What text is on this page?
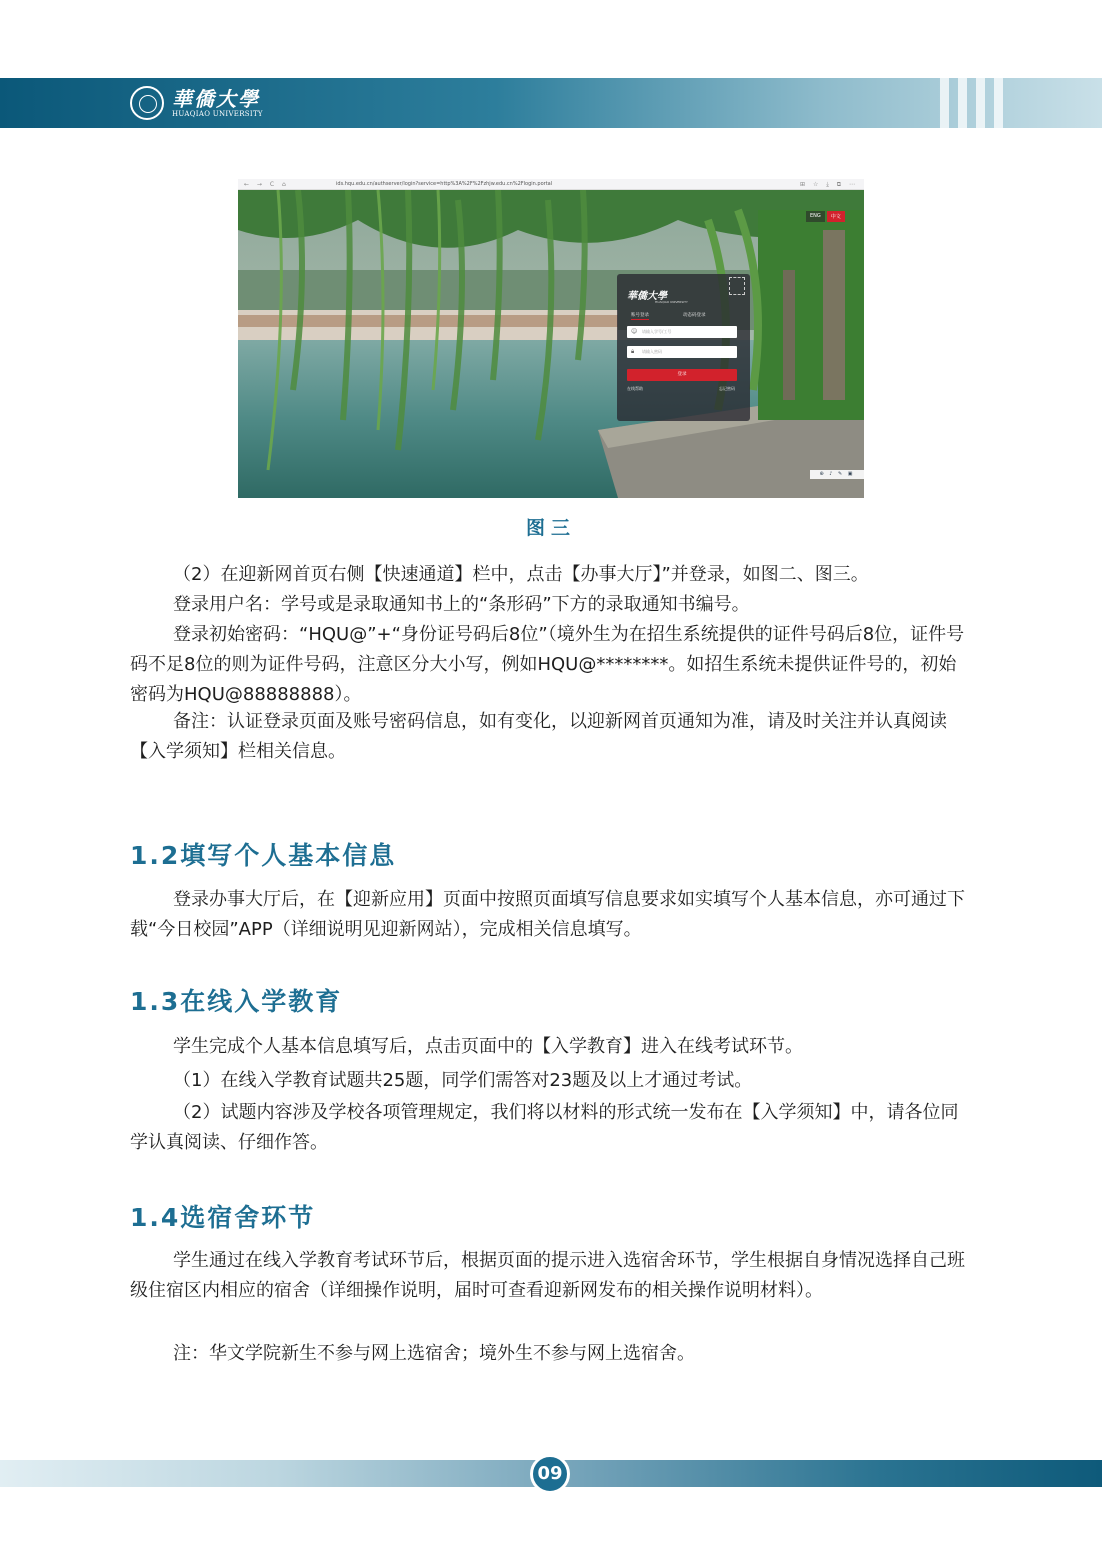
華僑大學
HUAQIAO UNIVERSITY
← → C ⌂	ids.hqu.edu.cn/authserver/login?service=http%3A%2F%2Fzhjw.edu.cn%2Flogin.portal	⊞ ☆ ⤓ ⧉ ⋯
ENG	中文
華僑大學
HUAQIAO UNIVERSITY
账号登录	动态码登录
☺ 请输入学号/工号
🔒︎ 请输入密码
登录
在线帮助	忘记密码
⊕ ♪ ✎ ▣
图三

（2）在迎新网首页右侧【快速通道】栏中，点击【办事大厅】”并登录，如图二、图三。

登录用户名：学号或是录取通知书上的“条形码”下方的录取通知书编号。

登录初始密码：“HQU@”+“身份证号码后8位”（境外生为在招生系统提供的证件号码后8位，证件号码不足8位的则为证件号码，注意区分大小写，例如HQU@********。如招生系统未提供证件号的，初始密码为HQU@88888888）。

备注：认证登录页面及账号密码信息，如有变化，以迎新网首页通知为准，请及时关注并认真阅读【入学须知】栏相关信息。

1.2填写个人基本信息

登录办事大厅后，在【迎新应用】页面中按照页面填写信息要求如实填写个人基本信息，亦可通过下载“今日校园”APP（详细说明见迎新网站），完成相关信息填写。

1.3在线入学教育

学生完成个人基本信息填写后，点击页面中的【入学教育】进入在线考试环节。

（1）在线入学教育试题共25题，同学们需答对23题及以上才通过考试。

（2）试题内容涉及学校各项管理规定，我们将以材料的形式统一发布在【入学须知】中，请各位同学认真阅读、仔细作答。

1.4选宿舍环节

学生通过在线入学教育考试环节后，根据页面的提示进入选宿舍环节，学生根据自身情况选择自己班级住宿区内相应的宿舍（详细操作说明，届时可查看迎新网发布的相关操作说明材料）。

注：华文学院新生不参与网上选宿舍；境外生不参与网上选宿舍。

09
